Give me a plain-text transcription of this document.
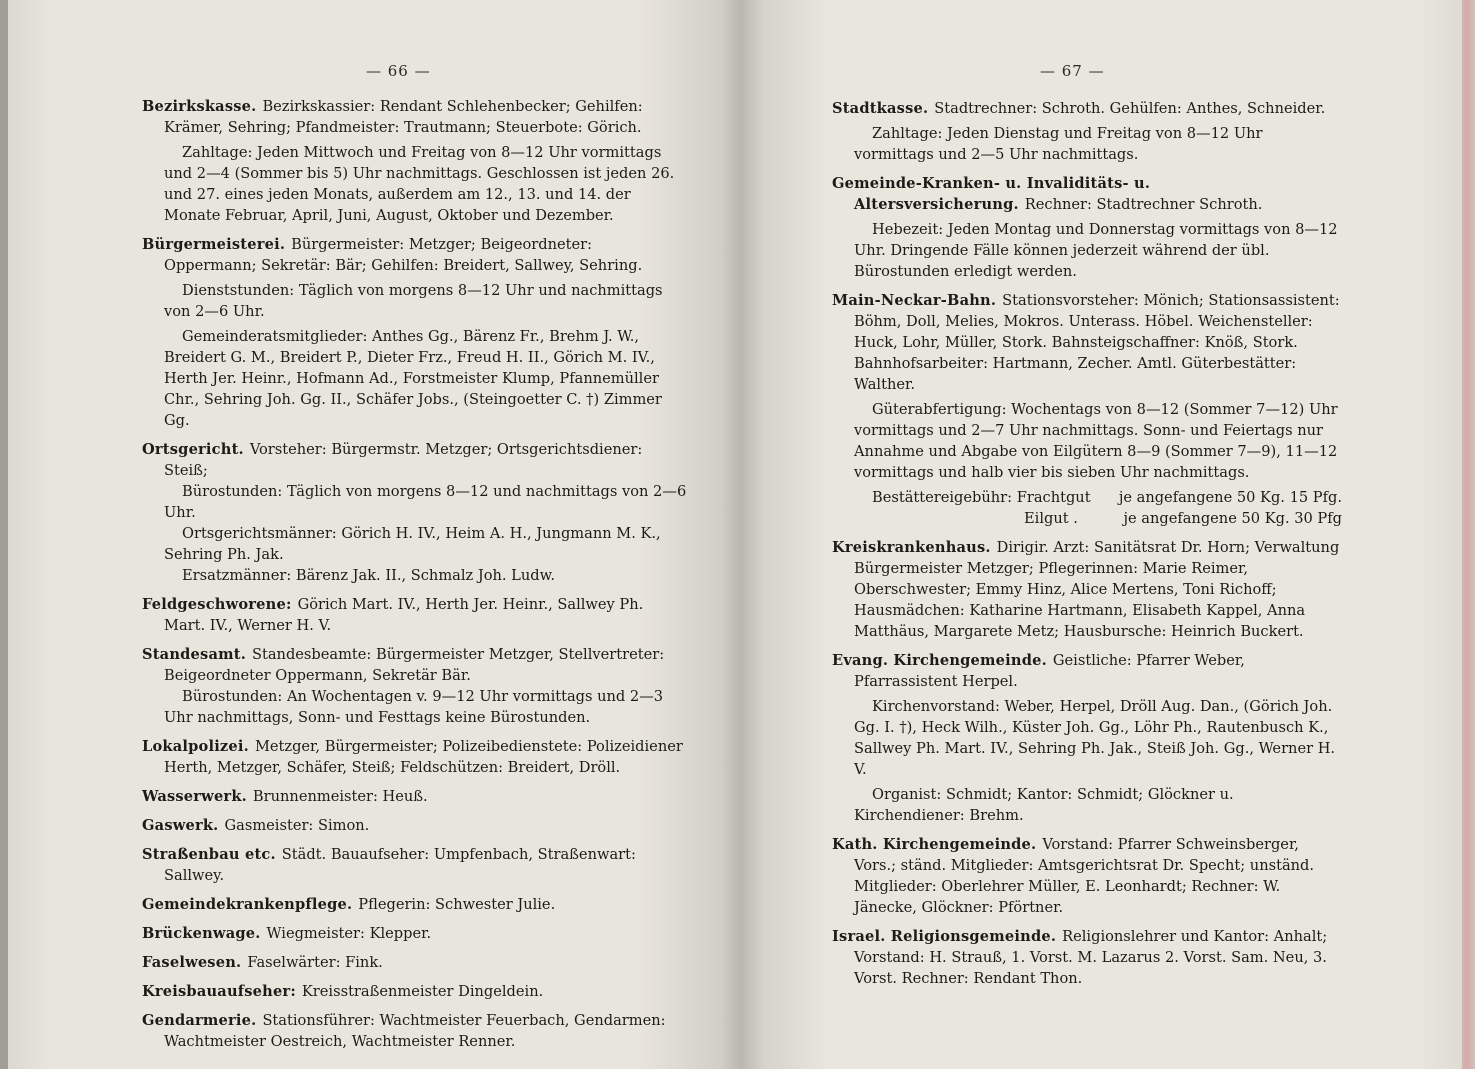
— 66 —

Bezirkskasse. Bezirkskassier: Rendant Schlehenbecker; Gehilfen: Krämer, Sehring; Pfandmeister: Trautmann; Steuerbote: Görich.

Zahltage: Jeden Mittwoch und Freitag von 8—12 Uhr vormittags und 2—4 (Sommer bis 5) Uhr nachmittags. Geschlossen ist jeden 26. und 27. eines jeden Monats, außerdem am 12., 13. und 14. der Monate Februar, April, Juni, August, Oktober und Dezember.

Bürgermeisterei. Bürgermeister: Metzger; Beigeordneter: Oppermann; Sekretär: Bär; Gehilfen: Breidert, Sallwey, Sehring.

Dienststunden: Täglich von morgens 8—12 Uhr und nachmittags von 2—6 Uhr.

Gemeinderatsmitglieder: Anthes Gg., Bärenz Fr., Brehm J. W., Breidert G. M., Breidert P., Dieter Frz., Freud H. II., Görich M. IV., Herth Jer. Heinr., Hofmann Ad., Forstmeister Klump, Pfannemüller Chr., Sehring Joh. Gg. II., Schäfer Jobs., (Steingoetter C. †) Zimmer Gg.

Ortsgericht. Vorsteher: Bürgermstr. Metzger; Ortsgerichtsdiener: Steiß;

Bürostunden: Täglich von morgens 8—12 und nachmittags von 2—6 Uhr.

Ortsgerichtsmänner: Görich H. IV., Heim A. H., Jungmann M. K., Sehring Ph. Jak.

Ersatzmänner: Bärenz Jak. II., Schmalz Joh. Ludw.

Feldgeschworene: Görich Mart. IV., Herth Jer. Heinr., Sallwey Ph. Mart. IV., Werner H. V.

Standesamt. Standesbeamte: Bürgermeister Metzger, Stellvertreter: Beigeordneter Oppermann, Sekretär Bär.

Bürostunden: An Wochentagen v. 9—12 Uhr vormittags und 2—3 Uhr nachmittags, Sonn- und Festtags keine Bürostunden.

Lokalpolizei. Metzger, Bürgermeister; Polizeibedienstete: Polizeidiener Herth, Metzger, Schäfer, Steiß; Feldschützen: Breidert, Dröll.

Wasserwerk. Brunnenmeister: Heuß.

Gaswerk. Gasmeister: Simon.

Straßenbau etc. Städt. Bauaufseher: Umpfenbach, Straßenwart: Sallwey.

Gemeindekrankenpflege. Pflegerin: Schwester Julie.

Brückenwage. Wiegmeister: Klepper.

Faselwesen. Faselwärter: Fink.

Kreisbauaufseher: Kreisstraßenmeister Dingeldein.

Gendarmerie. Stationsführer: Wachtmeister Feuerbach, Gendarmen: Wachtmeister Oestreich, Wachtmeister Renner.

— 67 —

Stadtkasse. Stadtrechner: Schroth. Gehülfen: Anthes, Schneider.

Zahltage: Jeden Dienstag und Freitag von 8—12 Uhr vormittags und 2—5 Uhr nachmittags.

Gemeinde-Kranken- u. Invaliditäts- u. Altersversicherung. Rechner: Stadtrechner Schroth.

Hebezeit: Jeden Montag und Donnerstag vormittags von 8—12 Uhr. Dringende Fälle können jederzeit während der übl. Bürostunden erledigt werden.

Main-Neckar-Bahn. Stationsvorsteher: Mönich; Stationsassistent: Böhm, Doll, Melies, Mokros. Unterass. Höbel. Weichensteller: Huck, Lohr, Müller, Stork. Bahnsteigschaffner: Knöß, Stork. Bahnhofsarbeiter: Hartmann, Zecher. Amtl. Güterbestätter: Walther.

Güterabfertigung: Wochentags von 8—12 (Sommer 7—12) Uhr vormittags und 2—7 Uhr nachmittags. Sonn- und Feiertags nur Annahme und Abgabe von Eilgütern 8—9 (Sommer 7—9), 11—12 vormittags und halb vier bis sieben Uhr nachmittags.

Bestättereigebühr: Frachtgut je angefangene 50 Kg. 15 Pfg.
Eilgut .	je angefangene 50 Kg. 30 Pfg

Kreiskrankenhaus. Dirigir. Arzt: Sanitätsrat Dr. Horn; Verwaltung Bürgermeister Metzger; Pflegerinnen: Marie Reimer, Oberschwester; Emmy Hinz, Alice Mertens, Toni Richoff; Hausmädchen: Katharine Hartmann, Elisabeth Kappel, Anna Matthäus, Margarete Metz; Hausbursche: Heinrich Buckert.

Evang. Kirchengemeinde. Geistliche: Pfarrer Weber, Pfarrassistent Herpel.

Kirchenvorstand: Weber, Herpel, Dröll Aug. Dan., (Görich Joh. Gg. I. †), Heck Wilh., Küster Joh. Gg., Löhr Ph., Rautenbusch K., Sallwey Ph. Mart. IV., Sehring Ph. Jak., Steiß Joh. Gg., Werner H. V.

Organist: Schmidt; Kantor: Schmidt; Glöckner u. Kirchendiener: Brehm.

Kath. Kirchengemeinde. Vorstand: Pfarrer Schweinsberger, Vors.; ständ. Mitglieder: Amtsgerichtsrat Dr. Specht; unständ. Mitglieder: Oberlehrer Müller, E. Leonhardt; Rechner: W. Jänecke, Glöckner: Pförtner.

Israel. Religionsgemeinde. Religionslehrer und Kantor: Anhalt; Vorstand: H. Strauß, 1. Vorst. M. Lazarus 2. Vorst. Sam. Neu, 3. Vorst. Rechner: Rendant Thon.
